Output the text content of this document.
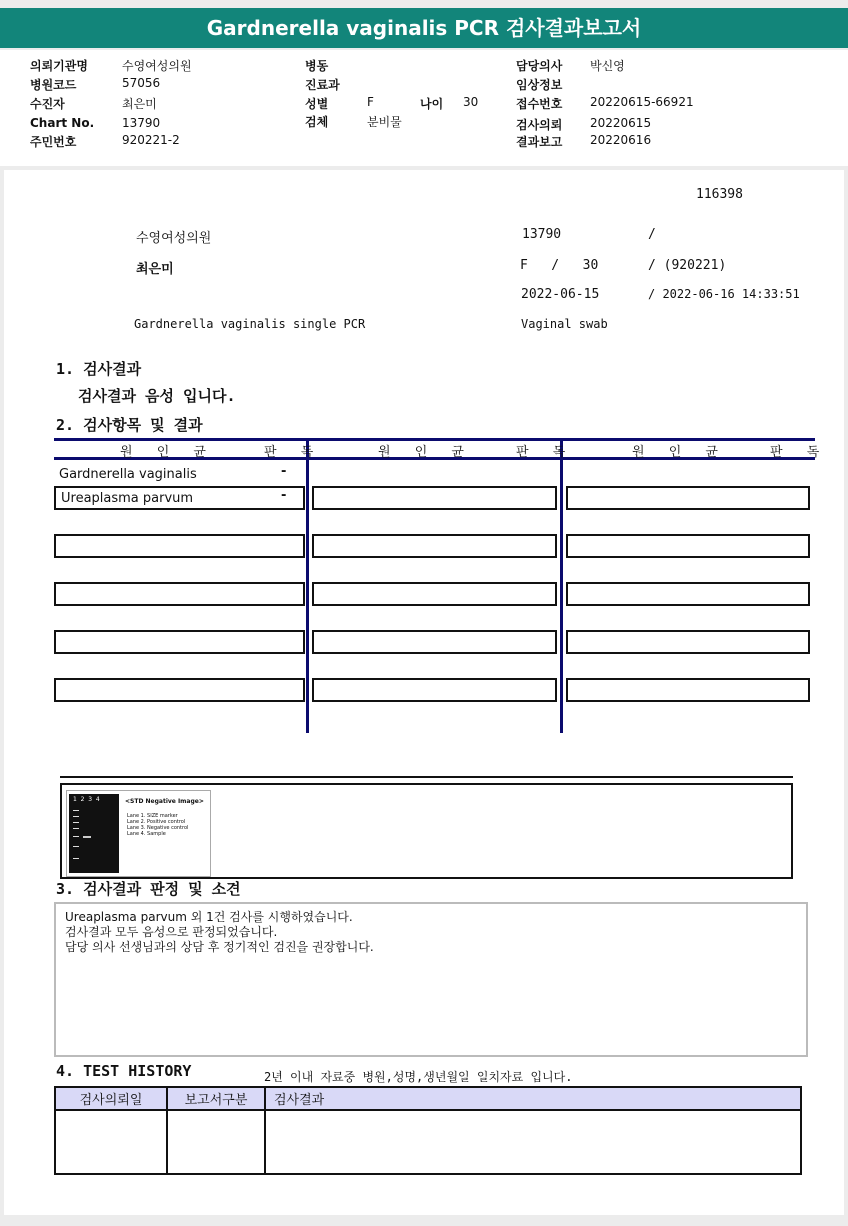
Gardnerella vaginalis PCR 검사결과보고서
의뢰기관명	수영여성의원
병원코드	57056
수진자	최은미
Chart No. 13790
주민번호	920221-2
병동
진료과
성별	F	나이 30
검체	분비물
담당의사 박신영
임상정보
접수번호 20220615-66921
검사의뢰 20220615
결과보고 20220616
116398
수영여성의원	13790	/
최은미	F   /   30	/ (920221)
2022-06-15	/ 2022-06-16 14:33:51
Gardnerella vaginalis single PCR	Vaginal swab
1. 검사결과
검사결과 음성 입니다.
2. 검사항목 및 결과
원 인 균	판 독	원 인 균	판 독	원 인 균	판 독
Gardnerella vaginalis	-
Ureaplasma parvum	-
1  2  3  4	<STD Negative Image>
Lane 1. SIZE marker
Lane 2. Positive control
Lane 3. Negative control
Lane 4. Sample
3. 검사결과 판정 및 소견
Ureaplasma parvum 외 1건 검사를 시행하였습니다.
검사결과 모두 음성으로 판정되었습니다.
담당 의사 선생님과의 상담 후 정기적인 검진을 권장합니다.
4. TEST HISTORY	2년 이내 자료중 병원,성명,생년월일 일치자료 입니다.
검사의뢰일	보고서구분	검사결과
